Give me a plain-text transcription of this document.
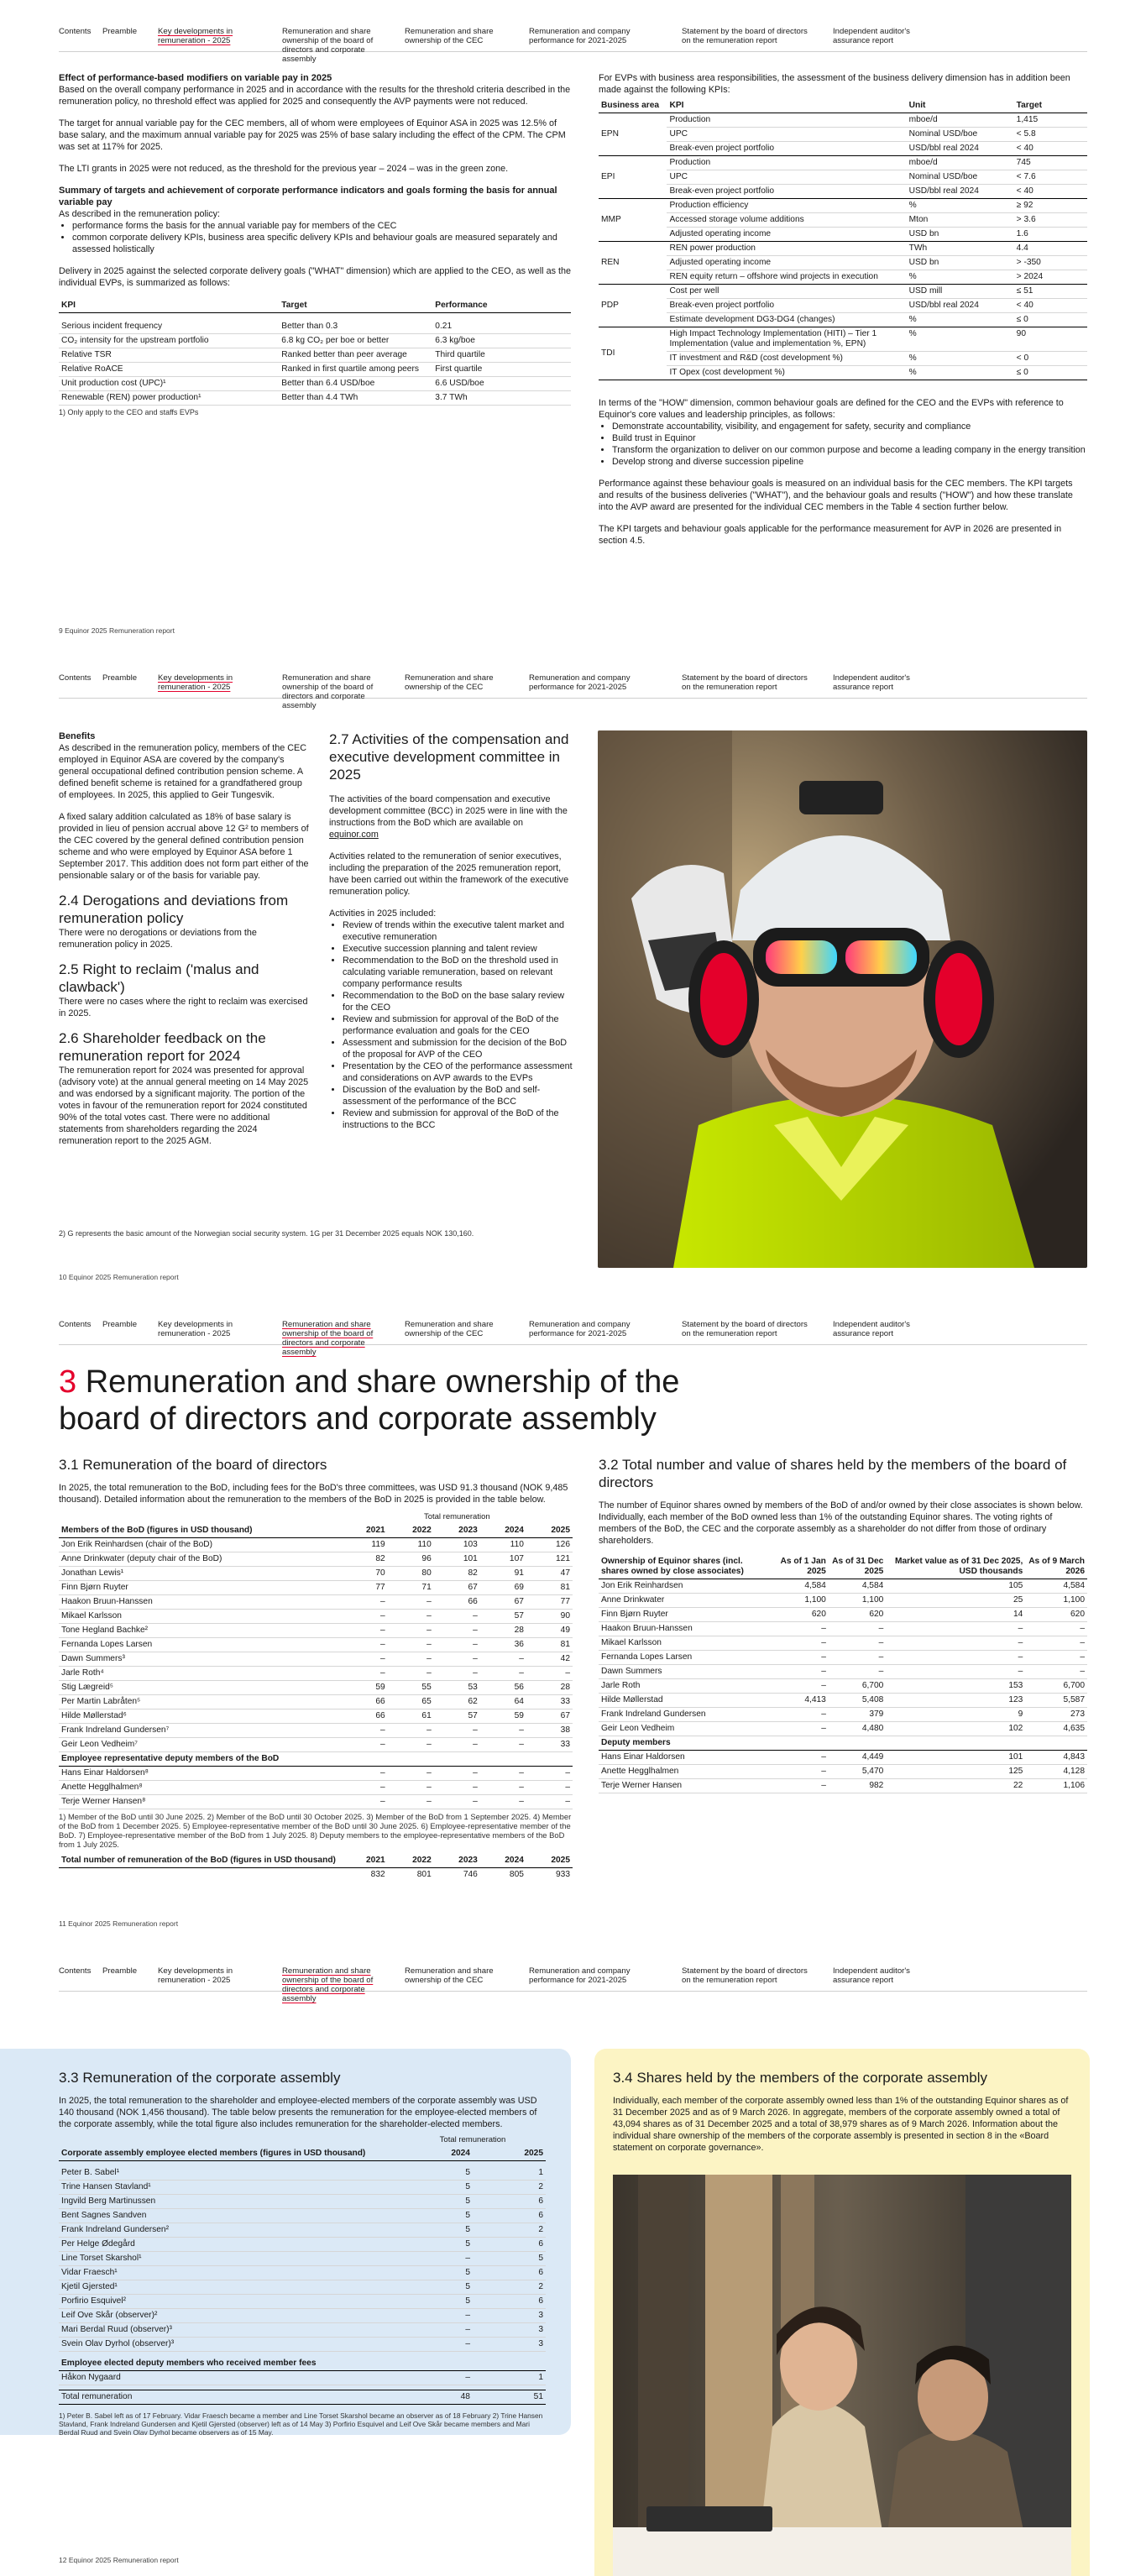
Contents Preamble	Key developments in remuneration - 2025
Remuneration and share ownership of the board of directors and corporate assembly
Remuneration and share ownership of the CEC
Remuneration and company performance for 2021-2025
Statement by the board of directors on the remuneration report
Independent auditor's assurance report
Effect of performance-based modifiers on variable pay in 2025

Based on the overall company performance in 2025 and in accordance with the results for the threshold criteria described in the remuneration policy, no threshold effect was applied for 2025 and consequently the AVP payments were not reduced.

The target for annual variable pay for the CEC members, all of whom were employees of Equinor ASA in 2025 was 12.5% of base salary, and the maximum annual variable pay for 2025 was 25% of base salary including the effect of the CPM. The CPM was set at 117% for 2025.

The LTI grants in 2025 were not reduced, as the threshold for the previous year – 2024 – was in the green zone.

Summary of targets and achievement of corporate performance indicators and goals forming the basis for annual variable pay

As described in the remuneration policy:

• performance forms the basis for the annual variable pay for members of the CEC
• common corporate delivery KPIs, business area specific delivery KPIs and behaviour goals are measured separately and assessed holistically

Delivery in 2025 against the selected corporate delivery goals ("WHAT" dimension) which are applied to the CEO, as well as the individual EVPs, is summarized as follows:

KPI	Target	Performance

Serious incident frequency	Better than 0.3	0.21
CO₂ intensity for the upstream portfolio	6.8 kg CO₂ per boe or better	6.3 kg/boe
Relative TSR	Ranked better than peer average	Third quartile
Relative RoACE	Ranked in first quartile among peers	First quartile
Unit production cost (UPC)¹	Better than 6.4 USD/boe	6.6 USD/boe
Renewable (REN) power production¹	Better than 4.4 TWh	3.7 TWh

1) Only apply to the CEO and staffs EVPs

For EVPs with business area responsibilities, the assessment of the business delivery dimension has in addition been made against the following KPIs:

Business area	KPI	Unit	Target
EPN	Production	mboe/d	1,415
	UPC	Nominal USD/boe	< 5.8
	Break-even project portfolio	USD/bbl real 2024	< 40
EPI	Production	mboe/d	745
	UPC	Nominal USD/boe	< 7.6
	Break-even project portfolio	USD/bbl real 2024	< 40
MMP	Production efficiency	%	≥ 92
	Accessed storage volume additions	Mton	> 3.6
	Adjusted operating income	USD bn	1.6
REN	REN power production	TWh	4.4
	Adjusted operating income	USD bn	> -350
	REN equity return – offshore wind projects in execution	%	> 2024
PDP	Cost per well	USD mill	≤ 51
	Break-even project portfolio	USD/bbl real 2024	< 40
	Estimate development DG3-DG4 (changes)	%	≤ 0
TDI	High Impact Technology Implementation (HITI) – Tier 1 Implementation (value and implementation %, EPN)	%	90
	IT investment and R&D (cost development %)	%	< 0
	IT Opex (cost development %)	%	≤ 0

In terms of the "HOW" dimension, common behaviour goals are defined for the CEO and the EVPs with reference to Equinor's core values and leadership principles, as follows:

• Demonstrate accountability, visibility, and engagement for safety, security and compliance
• Build trust in Equinor
• Transform the organization to deliver on our common purpose and become a leading company in the energy transition
• Develop strong and diverse succession pipeline

Performance against these behaviour goals is measured on an individual basis for the CEC members. The KPI targets and results of the business deliveries ("WHAT"), and the behaviour goals and results ("HOW") and how these translate into the AVP award are presented for the individual CEC members in the Table 4 section further below.

The KPI targets and behaviour goals applicable for the performance measurement for AVP in 2026 are presented in section 4.5.

9 Equinor 2025 Remuneration report
Contents Preamble	Key developments in remuneration - 2025
Remuneration and share ownership of the board of directors and corporate assembly
Remuneration and share ownership of the CEC
Remuneration and company performance for 2021-2025
Statement by the board of directors on the remuneration report
Independent auditor's assurance report
Benefits

As described in the remuneration policy, members of the CEC employed in Equinor ASA are covered by the company's general occupational defined contribution pension scheme. A defined benefit scheme is retained for a grandfathered group of employees. In 2025, this applied to Geir Tungesvik.

A fixed salary addition calculated as 18% of base salary is provided in lieu of pension accrual above 12 G² to members of the CEC covered by the general defined contribution pension scheme and who were employed by Equinor ASA before 1 September 2017. This addition does not form part either of the pensionable salary or of the basis for variable pay.

2.4 Derogations and deviations from remuneration policy

There were no derogations or deviations from the remuneration policy in 2025.

2.5 Right to reclaim ('malus and clawback')

There were no cases where the right to reclaim was exercised in 2025.

2.6 Shareholder feedback on the remuneration report for 2024

The remuneration report for 2024 was presented for approval (advisory vote) at the annual general meeting on 14 May 2025 and was endorsed by a significant majority. The portion of the votes in favour of the remuneration report for 2024 constituted 90% of the total votes cast. There were no additional statements from shareholders regarding the 2024 remuneration report to the 2025 AGM.

2.7 Activities of the compensation and executive development committee in 2025

The activities of the board compensation and executive development committee (BCC) in 2025 were in line with the instructions from the BoD which are available on equinor.com

Activities related to the remuneration of senior executives, including the preparation of the 2025 remuneration report, have been carried out within the framework of the executive remuneration policy.

Activities in 2025 included:

• Review of trends within the executive talent market and executive remuneration
• Executive succession planning and talent review
• Recommendation to the BoD on the threshold used in calculating variable remuneration, based on relevant company performance results
• Recommendation to the BoD on the base salary review for the CEO
• Review and submission for approval of the BoD of the performance evaluation and goals for the CEO
• Assessment and submission for the decision of the BoD of the proposal for AVP of the CEO
• Presentation by the CEO of the performance assessment and considerations on AVP awards to the EVPs
• Discussion of the evaluation by the BoD and self-assessment of the performance of the BCC
• Review and submission for approval of the BoD of the instructions to the BCC

2) G represents the basic amount of the Norwegian social security system. 1G per 31 December 2025 equals NOK 130,160.

10 Equinor 2025 Remuneration report
Contents Preamble	Key developments in remuneration - 2025
Remuneration and share ownership of the board of directors and corporate assembly
Remuneration and share ownership of the CEC
Remuneration and company performance for 2021-2025
Statement by the board of directors on the remuneration report
Independent auditor's assurance report
3 Remuneration and share ownership of the board of directors and corporate assembly
3.1 Remuneration of the board of directors

In 2025, the total remuneration to the BoD, including fees for the BoD's three committees, was USD 91.3 thousand (NOK 9,485 thousand). Detailed information about the remuneration to the members of the BoD in 2025 is provided in the table below.

	Total remuneration				
Members of the BoD (figures in USD thousand)	2021	2022	2023	2024	2025
Jon Erik Reinhardsen (chair of the BoD)	119	110	103	110	126
Anne Drinkwater (deputy chair of the BoD)	82	96	101	107	121
Jonathan Lewis¹	70	80	82	91	47
Finn Bjørn Ruyter	77	71	67	69	81
Haakon Bruun-Hanssen	–	–	66	67	77
Mikael Karlsson	–	–	–	57	90
Tone Hegland Bachke²	–	–	–	28	49
Fernanda Lopes Larsen	–	–	–	36	81
Dawn Summers³	–	–	–	–	42
Jarle Roth⁴	–	–	–	–	–
Stig Lægreid⁵	59	55	53	56	28
Per Martin Labråten⁵	66	65	62	64	33
Hilde Møllerstad⁶	66	61	57	59	67
Frank Indreland Gundersen⁷	–	–	–	–	38
Geir Leon Vedheim⁷	–	–	–	–	33
Employee representative deputy members of the BoD					
Hans Einar Haldorsen⁸	–	–	–	–	–
Anette Hegglhalmen⁸	–	–	–	–	–
Terje Werner Hansen⁸	–	–	–	–	–

1) Member of the BoD until 30 June 2025. 2) Member of the BoD until 30 October 2025. 3) Member of the BoD from 1 September 2025. 4) Member of the BoD from 1 December 2025. 5) Employee-representative member of the BoD until 30 June 2025. 6) Employee-representative member of the BoD. 7) Employee-representative member of the BoD from 1 July 2025. 8) Deputy members to the employee-representative members of the BoD from 1 July 2025.

Total number of remuneration of the BoD (figures in USD thousand)	2021	2022	2023	2024	2025
	832	801	746	805	933
3.2 Total number and value of shares held by the members of the board of directors

The number of Equinor shares owned by members of the BoD of and/or owned by their close associates is shown below. Individually, each member of the BoD owned less than 1% of the outstanding Equinor shares. The voting rights of members of the BoD, the CEC and the corporate assembly as a shareholder do not differ from those of ordinary shareholders.

Ownership of Equinor shares (incl. shares owned by close associates)	As of 1 Jan 2025	As of 31 Dec 2025	Market value as of 31 Dec 2025, USD thousands	As of 9 March 2026
Jon Erik Reinhardsen	4,584	4,584	105	4,584
Anne Drinkwater	1,100	1,100	25	1,100
Finn Bjørn Ruyter	620	620	14	620
Haakon Bruun-Hanssen	–	–	–	–
Mikael Karlsson	–	–	–	–
Fernanda Lopes Larsen	–	–	–	–
Dawn Summers	–	–	–	–
Jarle Roth	–	6,700	153	6,700
Hilde Møllerstad	4,413	5,408	123	5,587
Frank Indreland Gundersen	–	379	9	273
Geir Leon Vedheim	–	4,480	102	4,635
Deputy members				
Hans Einar Haldorsen	–	4,449	101	4,843
Anette Hegglhalmen	–	5,470	125	4,128
Terje Werner Hansen	–	982	22	1,106
11 Equinor 2025 Remuneration report
Contents Preamble	Key developments in remuneration - 2025
Remuneration and share ownership of the board of directors and corporate assembly
Remuneration and share ownership of the CEC
Remuneration and company performance for 2021-2025
Statement by the board of directors on the remuneration report
Independent auditor's assurance report
3.3 Remuneration of the corporate assembly

In 2025, the total remuneration to the shareholder and employee-elected members of the corporate assembly was USD 140 thousand (NOK 1,456 thousand). The table below presents the remuneration for the employee-elected members of the corporate assembly, while the total figure also includes remuneration for the shareholder-elected members.

	Total remuneration	
Corporate assembly employee elected members (figures in USD thousand)	2024	2025

Peter B. Sabel¹	5	1
Trine Hansen Stavland¹	5	2
Ingvild Berg Martinussen	5	6
Bent Sagnes Sandven	5	6
Frank Indreland Gundersen²	5	2
Per Helge Ødegård	5	6
Line Torset Skarshol¹	–	5
Vidar Fraesch¹	5	6
Kjetil Gjersted¹	5	2
Porfirio Esquivel²	5	6
Leif Ove Skår (observer)²	–	3
Mari Berdal Ruud (observer)³	–	3
Svein Olav Dyrhol (observer)³	–	3
Employee elected deputy members who received member fees		
Håkon Nygaard	–	1

Total remuneration	48	51

1) Peter B. Sabel left as of 17 February. Vidar Fraesch became a member and Line Torset Skarshol became an observer as of 18 February 2) Trine Hansen Stavland, Frank Indreland Gundersen and Kjetil Gjersted (observer) left as of 14 May 3) Porfirio Esquivel and Leif Ove Skår became members and Mari Berdal Ruud and Svein Olav Dyrhol became observers as of 15 May.

3.4 Shares held by the members of the corporate assembly

Individually, each member of the corporate assembly owned less than 1% of the outstanding Equinor shares as of 31 December 2025 and as of 9 March 2026. In aggregate, members of the corporate assembly owned a total of 43,094 shares as of 31 December 2025 and a total of 38,979 shares as of 9 March 2026. Information about the individual share ownership of the members of the corporate assembly is presented in section 8 in the «Board statement on corporate governance».

12 Equinor 2025 Remuneration report
